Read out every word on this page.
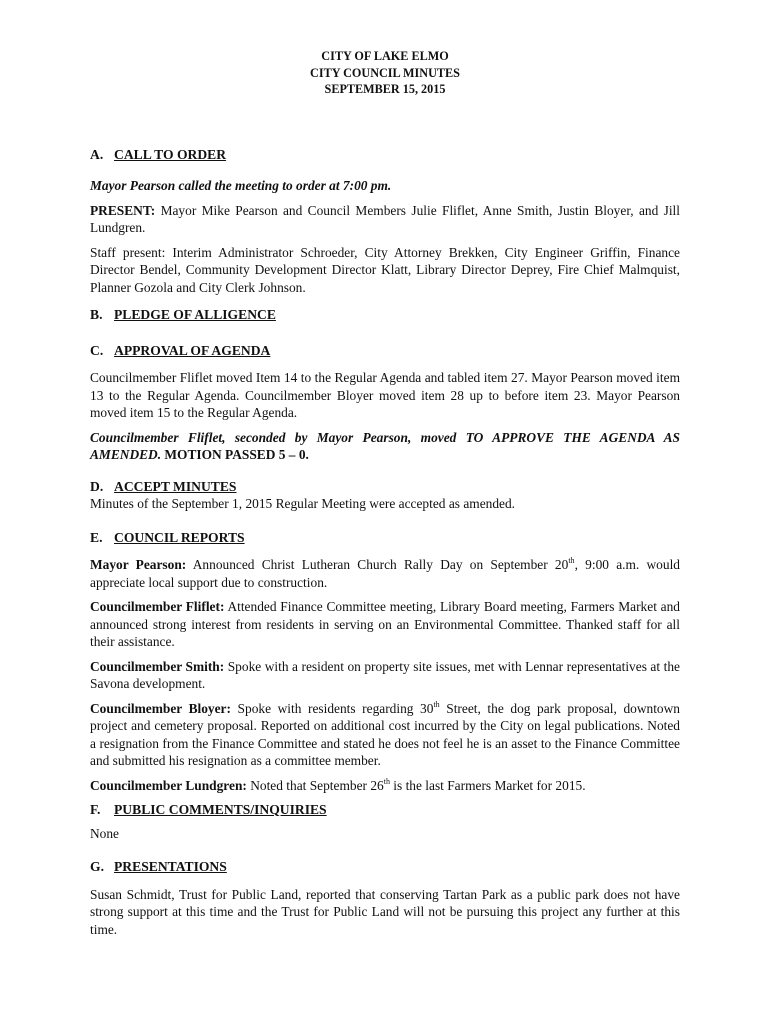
CITY OF LAKE ELMO
CITY COUNCIL MINUTES
SEPTEMBER 15, 2015
A. CALL TO ORDER

Mayor Pearson called the meeting to order at 7:00 pm.

PRESENT: Mayor Mike Pearson and Council Members Julie Fliflet, Anne Smith, Justin Bloyer, and Jill Lundgren.

Staff present: Interim Administrator Schroeder, City Attorney Brekken, City Engineer Griffin, Finance Director Bendel, Community Development Director Klatt, Library Director Deprey, Fire Chief Malmquist, Planner Gozola and City Clerk Johnson.

B. PLEDGE OF ALLIGENCE
C. APPROVAL OF AGENDA

Councilmember Fliflet moved Item 14 to the Regular Agenda and tabled item 27. Mayor Pearson moved item 13 to the Regular Agenda. Councilmember Bloyer moved item 28 up to before item 23. Mayor Pearson moved item 15 to the Regular Agenda.

Councilmember Fliflet, seconded by Mayor Pearson, moved TO APPROVE THE AGENDA AS AMENDED. MOTION PASSED 5 – 0.

D. ACCEPT MINUTES

Minutes of the September 1, 2015 Regular Meeting were accepted as amended.

E. COUNCIL REPORTS

Mayor Pearson: Announced Christ Lutheran Church Rally Day on September 20th, 9:00 a.m. would appreciate local support due to construction.

Councilmember Fliflet: Attended Finance Committee meeting, Library Board meeting, Farmers Market and announced strong interest from residents in serving on an Environmental Committee. Thanked staff for all their assistance.

Councilmember Smith: Spoke with a resident on property site issues, met with Lennar representatives at the Savona development.

Councilmember Bloyer: Spoke with residents regarding 30th Street, the dog park proposal, downtown project and cemetery proposal. Reported on additional cost incurred by the City on legal publications. Noted a resignation from the Finance Committee and stated he does not feel he is an asset to the Finance Committee and submitted his resignation as a committee member.

Councilmember Lundgren: Noted that September 26th is the last Farmers Market for 2015.

F. PUBLIC COMMENTS/INQUIRIES

None

G. PRESENTATIONS

Susan Schmidt, Trust for Public Land, reported that conserving Tartan Park as a public park does not have strong support at this time and the Trust for Public Land will not be pursuing this project any further at this time.
